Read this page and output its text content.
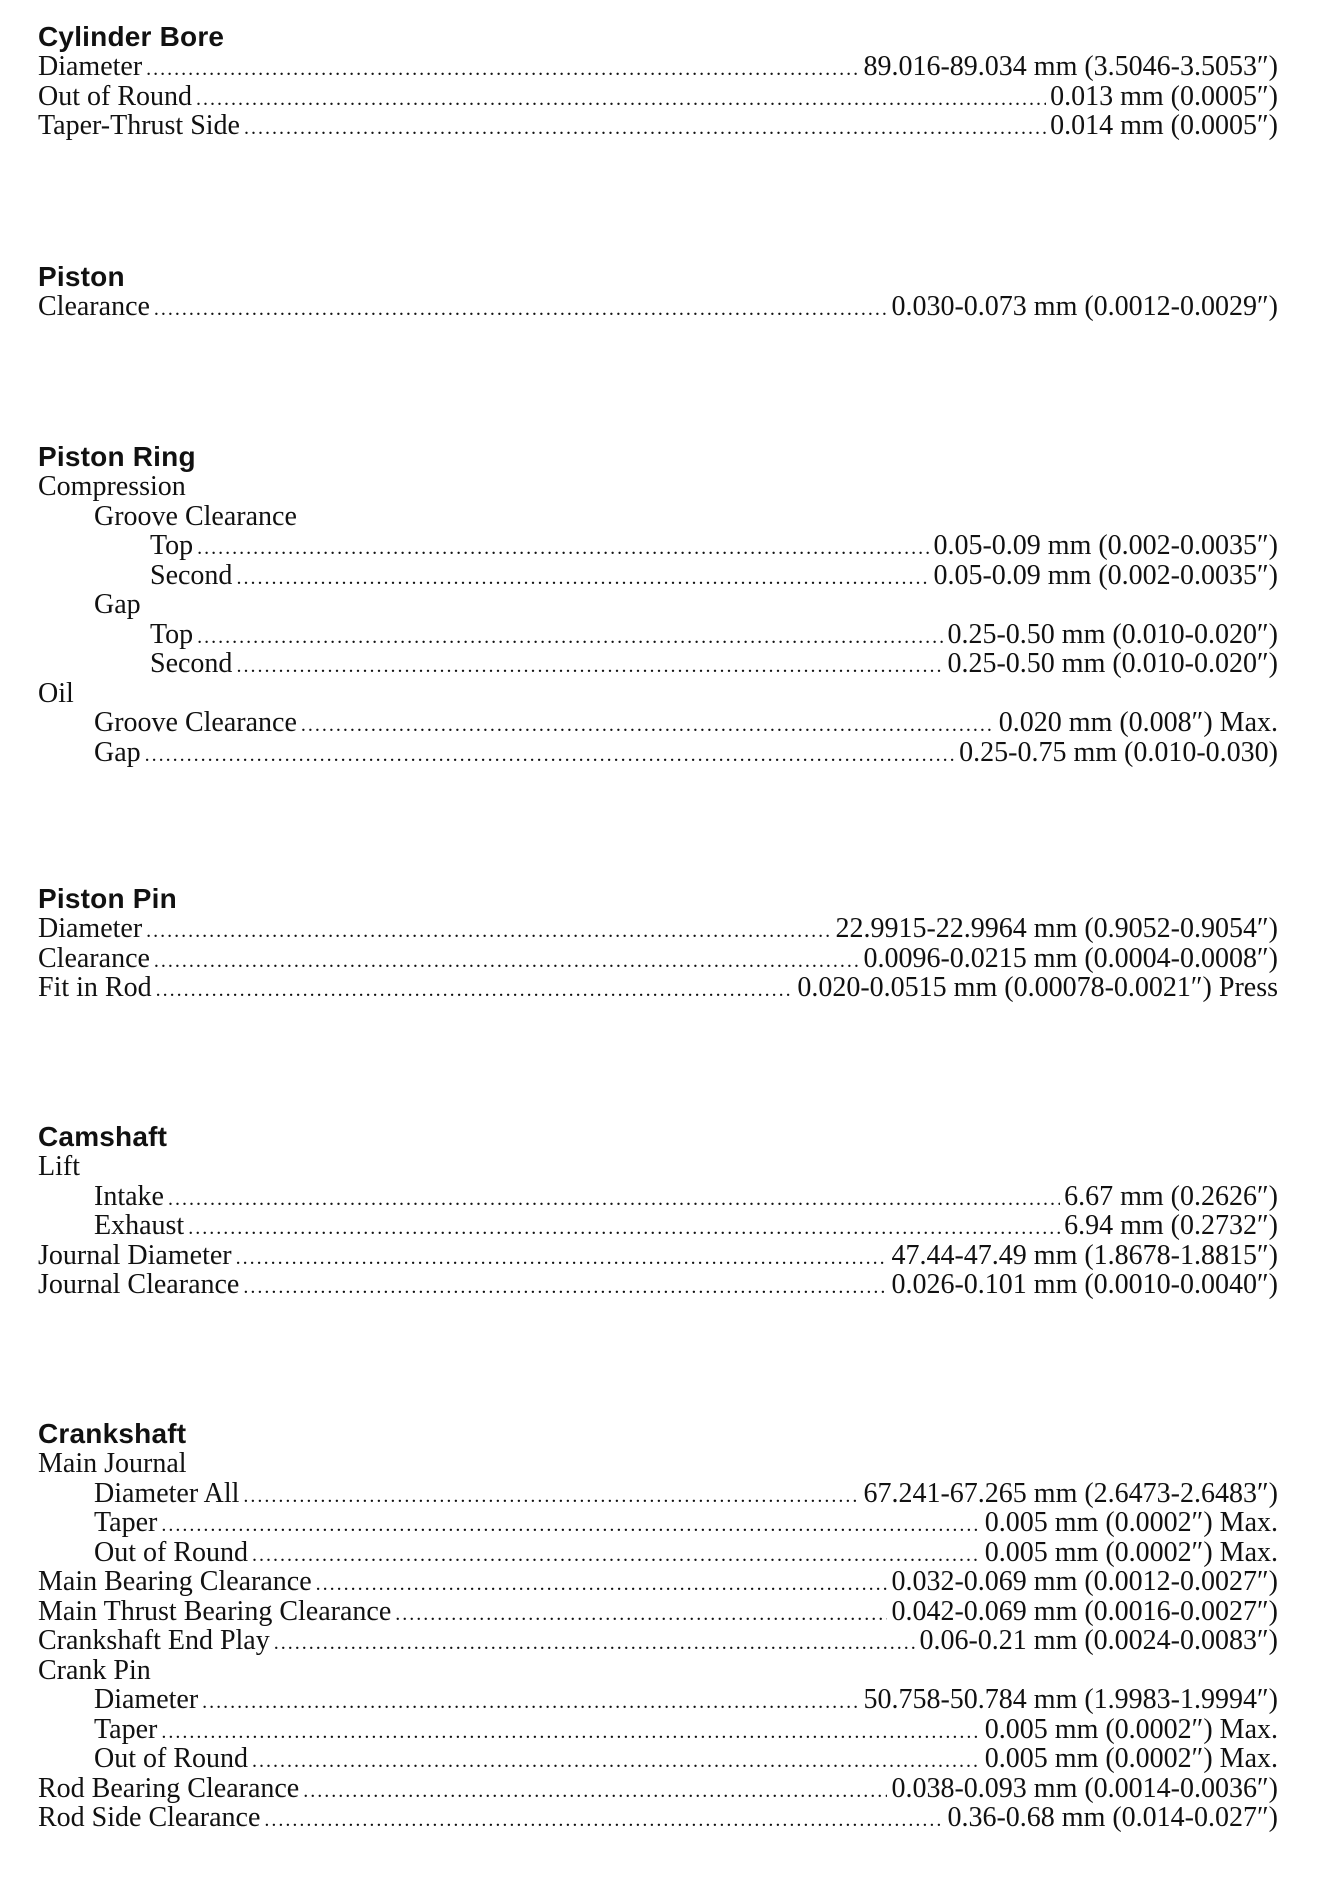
Cylinder Bore
Diameter .....	89.016-89.034 mm (3.5046-3.5053″)
Out of Round .....	0.013 mm (0.0005″)
Taper-Thrust Side .....	0.014 mm (0.0005″)
Piston
Clearance .....	0.030-0.073 mm (0.0012-0.0029″)
Piston Ring
Compression
Groove Clearance
Top .....	0.05-0.09 mm (0.002-0.0035″)
Second .....	0.05-0.09 mm (0.002-0.0035″)
Gap
Top .....	0.25-0.50 mm (0.010-0.020″)
Second .....	0.25-0.50 mm (0.010-0.020″)
Oil
Groove Clearance .....	0.020 mm (0.008″) Max.
Gap .....	0.25-0.75 mm (0.010-0.030)
Piston Pin
Diameter .....	22.9915-22.9964 mm (0.9052-0.9054″)
Clearance .....	0.0096-0.0215 mm (0.0004-0.0008″)
Fit in Rod .....	0.020-0.0515 mm (0.00078-0.0021″) Press
Camshaft
Lift
Intake .....	6.67 mm (0.2626″)
Exhaust .....	6.94 mm (0.2732″)
Journal Diameter .....	47.44-47.49 mm (1.8678-1.8815″)
Journal Clearance .....	0.026-0.101 mm (0.0010-0.0040″)
Crankshaft
Main Journal
Diameter All .....	67.241-67.265 mm (2.6473-2.6483″)
Taper .....	0.005 mm (0.0002″) Max.
Out of Round .....	0.005 mm (0.0002″) Max.
Main Bearing Clearance .....	0.032-0.069 mm (0.0012-0.0027″)
Main Thrust Bearing Clearance .....	0.042-0.069 mm (0.0016-0.0027″)
Crankshaft End Play .....	0.06-0.21 mm (0.0024-0.0083″)
Crank Pin
Diameter .....	50.758-50.784 mm (1.9983-1.9994″)
Taper .....	0.005 mm (0.0002″) Max.
Out of Round .....	0.005 mm (0.0002″) Max.
Rod Bearing Clearance .....	0.038-0.093 mm (0.0014-0.0036″)
Rod Side Clearance .....	0.36-0.68 mm (0.014-0.027″)
